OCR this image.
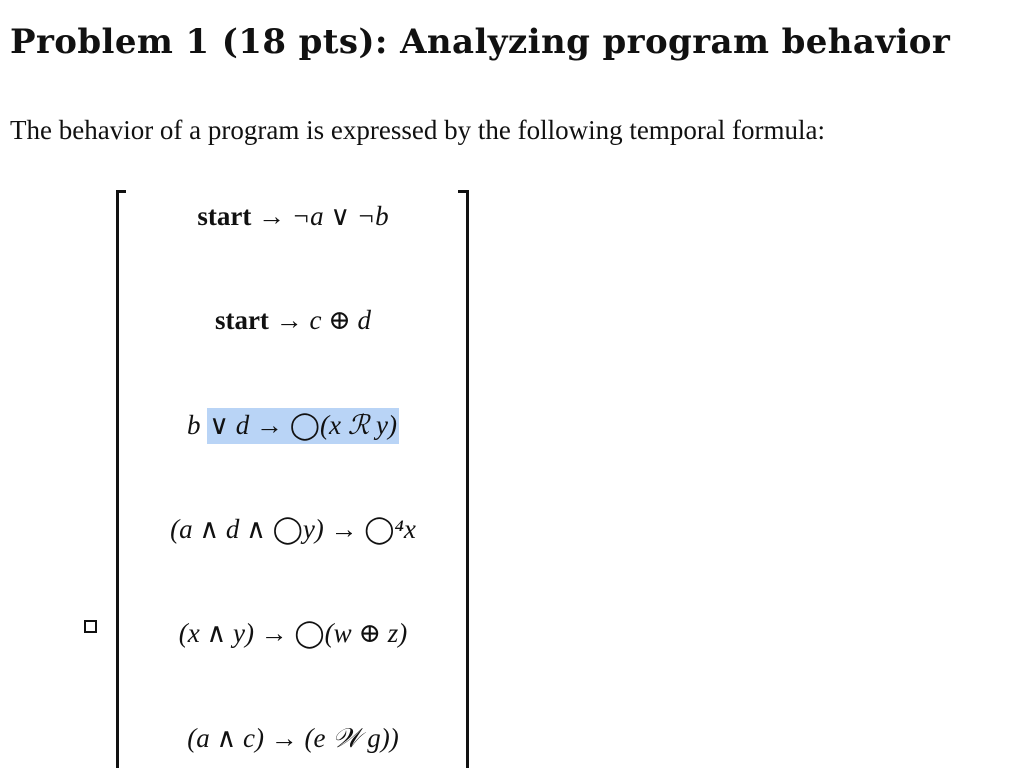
Problem 1 (18 pts): Analyzing program behavior

The behavior of a program is expressed by the following temporal formula:

start → ¬a ∨ ¬b
start → c ⊕ d
b ∨ d → ◯(x ℛ y)
(a ∧ d ∧ ◯y) → ◯⁴x
(x ∧ y) → ◯(w ⊕ z)
(a ∧ c) → (e 𝒲 g))
